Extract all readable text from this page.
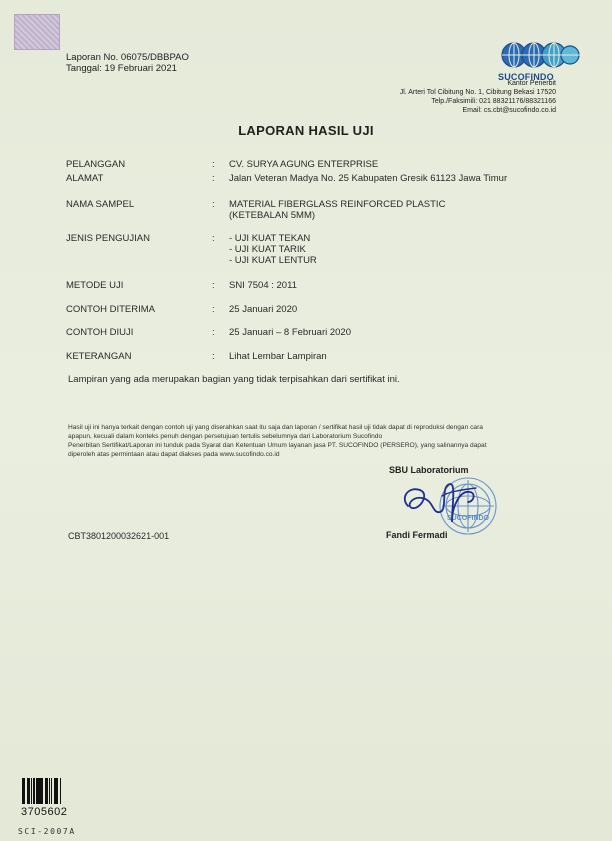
Laporan No. 06075/DBBPAO
Tanggal: 19 Februari 2021
SUCOFINDO
Kantor Penerbit
Jl. Arteri Tol Cibitung No. 1, Cibitung Bekasi 17520
Telp./Faksimili: 021 88321176/88321166
Email: cs.cbt@sucofindo.co.id
LAPORAN HASIL UJI
PELANGGAN	: CV. SURYA AGUNG ENTERPRISE
ALAMAT	: Jalan Veteran Madya No. 25 Kabupaten Gresik 61123 Jawa Timur
NAMA SAMPEL	: MATERIAL FIBERGLASS REINFORCED PLASTIC
(KETEBALAN 5MM)
JENIS PENGUJIAN	: - UJI KUAT TEKAN
- UJI KUAT TARIK
- UJI KUAT LENTUR
METODE UJI	: SNI 7504 : 2011
CONTOH DITERIMA	: 25 Januari 2020
CONTOH DIUJI	: 25 Januari – 8 Februari 2020
KETERANGAN	: Lihat Lembar Lampiran
Lampiran yang ada merupakan bagian yang tidak terpisahkan dari sertifikat ini.
Hasil uji ini hanya terkait dengan contoh uji yang diserahkan saat itu saja dan laporan / sertifikat hasil uji tidak dapat di reproduksi dengan cara
apapun, kecuali dalam konteks penuh dengan persetujuan tertulis sebelumnya dari Laboratorium Sucofindo
Penerbitan Sertifikat/Laporan ini tunduk pada Syarat dan Ketentuan Umum layanan jasa PT. SUCOFINDO (PERSERO), yang salinannya dapat
diperoleh atas permintaan atau dapat diakses pada www.sucofindo.co.id
SUCOFINDO
SBU Laboratorium
Fandi Fermadi
CBT3801200032621-001
3705602
SCI-2007A
